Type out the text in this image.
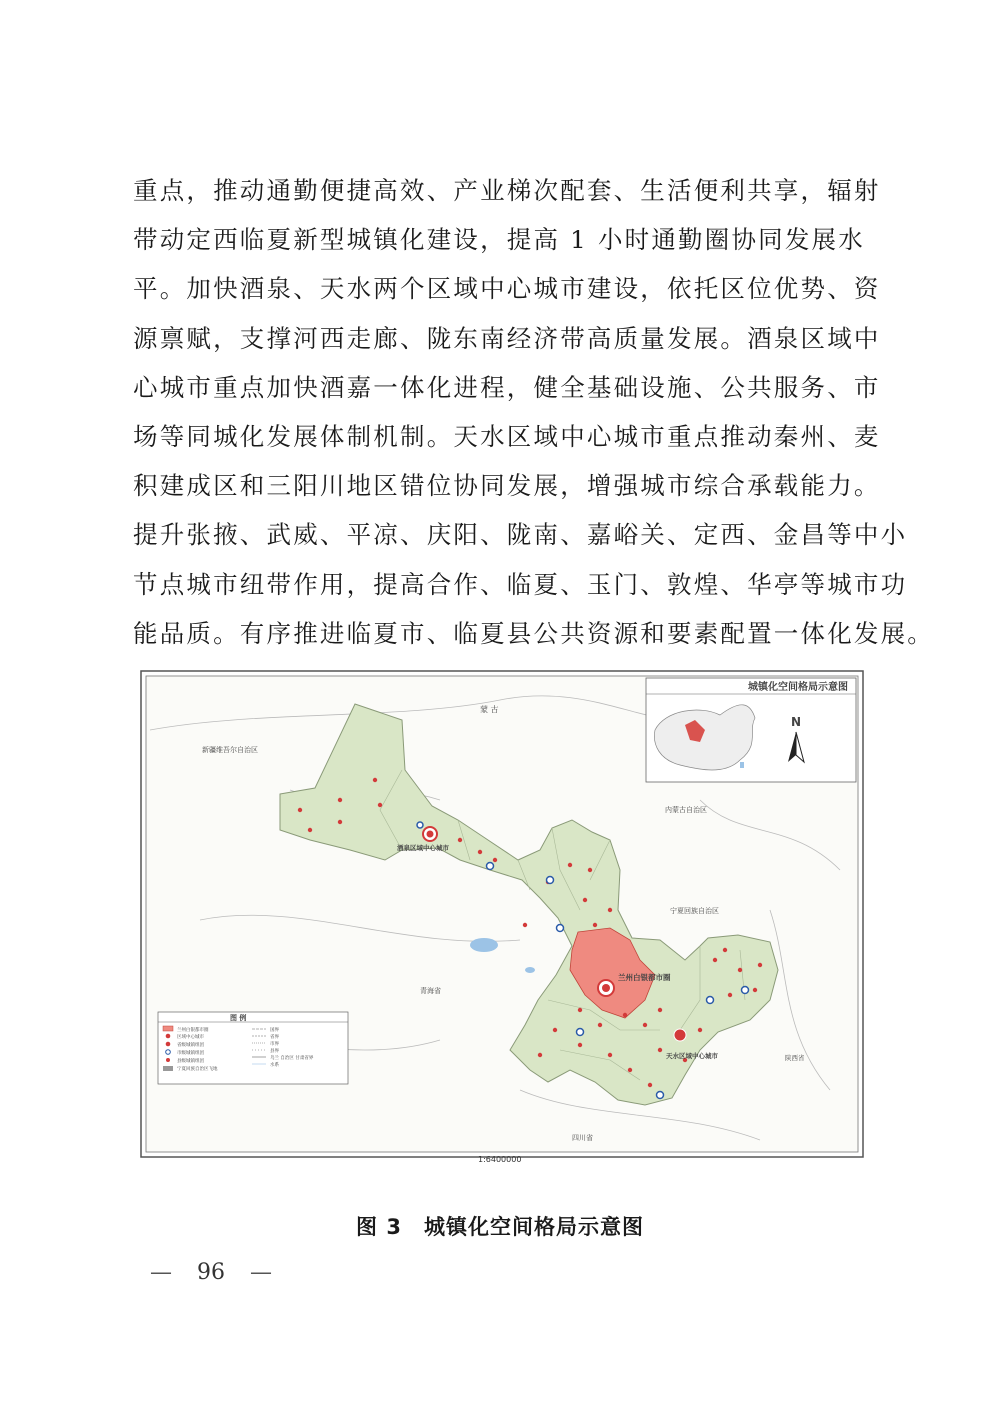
重点，推动通勤便捷高效、产业梯次配套、生活便利共享，辐射
带动定西临夏新型城镇化建设，提高 1 小时通勤圈协同发展水
平。加快酒泉、天水两个区域中心城市建设，依托区位优势、资
源禀赋，支撑河西走廊、陇东南经济带高质量发展。酒泉区域中
心城市重点加快酒嘉一体化进程，健全基础设施、公共服务、市
场等同城化发展体制机制。天水区域中心城市重点推动秦州、麦
积建成区和三阳川地区错位协同发展，增强城市综合承载能力。
提升张掖、武威、平凉、庆阳、陇南、嘉峪关、定西、金昌等中小
节点城市纽带作用，提高合作、临夏、玉门、敦煌、华亭等城市功
能品质。有序推进临夏市、临夏县公共资源和要素配置一体化发展。
蒙 古
新疆维吾尔自治区
内蒙古自治区
宁夏回族自治区
青海省
四川省
陕西省
酒泉区域中心城市
兰州白银都市圈
天水区域中心城市
城镇化空间格局示意图
N
图 例
兰州白银都市圈
区域中心城市
省级城镇组团
市级城镇组团
县级城镇组团
宁夏回族自治区飞地
国界
省界
市界
县界
乌兰 自治区 甘肃省界
水系
1:6400000
图 3 城镇化空间格局示意图
— 96 —
